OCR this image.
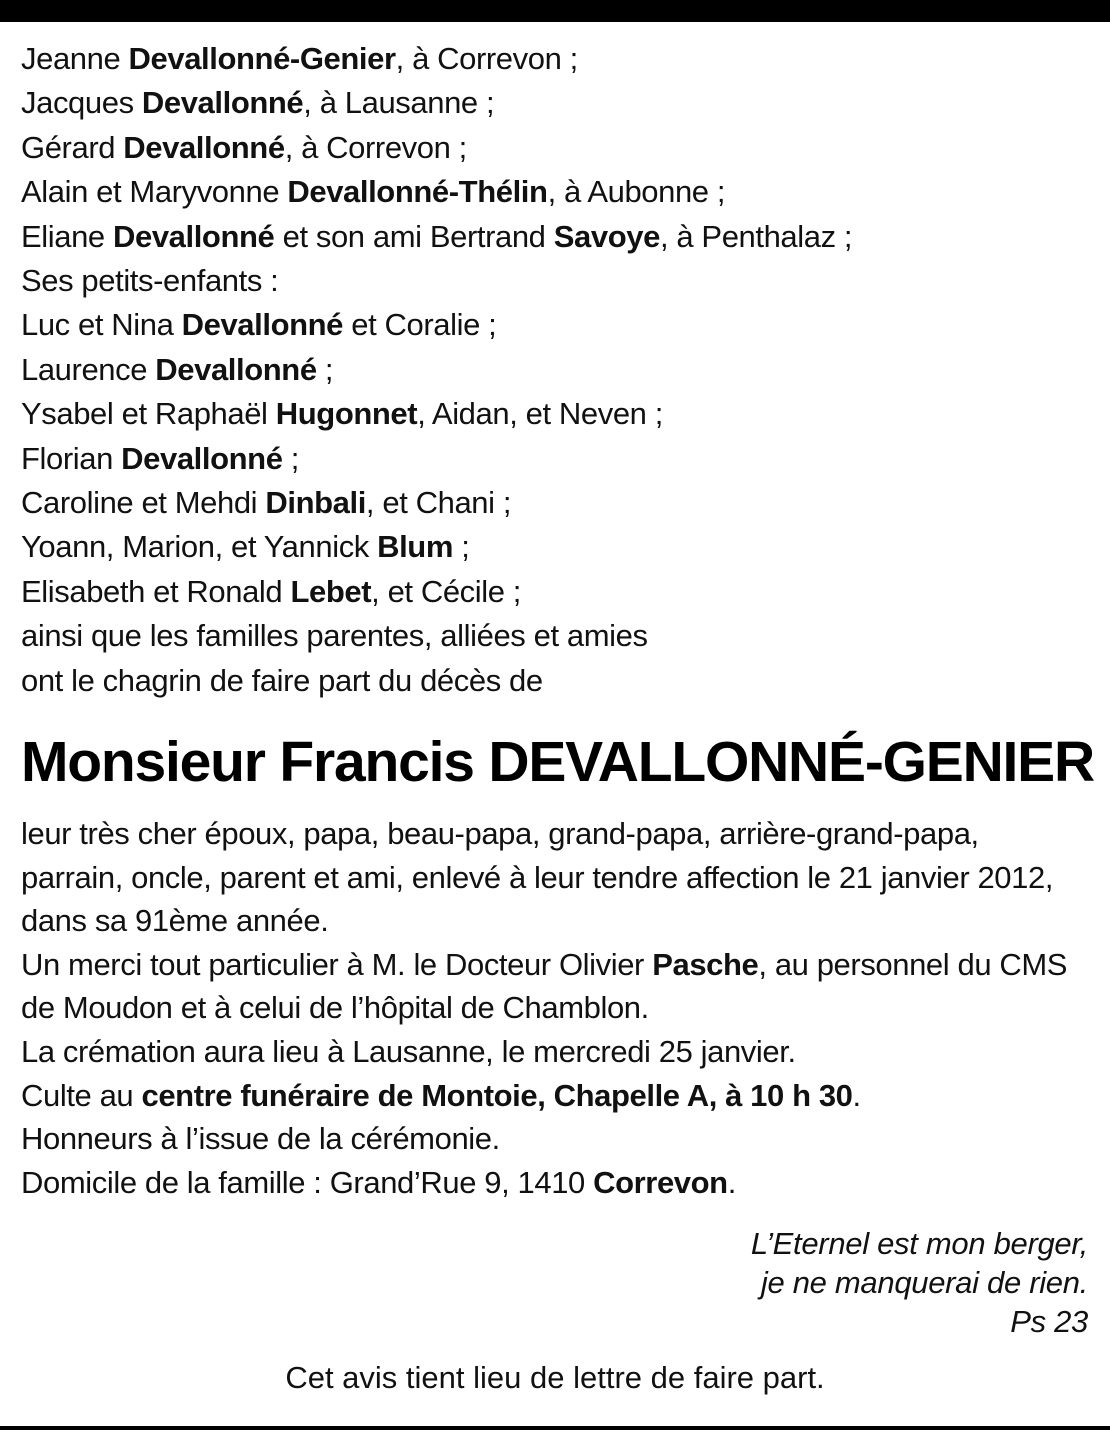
Jeanne Devallonné-Genier, à Correvon ;
Jacques Devallonné, à Lausanne ;
Gérard Devallonné, à Correvon ;
Alain et Maryvonne Devallonné-Thélin, à Aubonne ;
Eliane Devallonné et son ami Bertrand Savoye, à Penthalaz ;
Ses petits-enfants :
Luc et Nina Devallonné et Coralie ;
Laurence Devallonné ;
Ysabel et Raphaël Hugonnet, Aidan, et Neven ;
Florian Devallonné ;
Caroline et Mehdi Dinbali, et Chani ;
Yoann, Marion, et Yannick Blum ;
Elisabeth et Ronald Lebet, et Cécile ;
ainsi que les familles parentes, alliées et amies
ont le chagrin de faire part du décès de
Monsieur Francis DEVALLONNÉ-GENIER

leur très cher époux, papa, beau-papa, grand-papa, arrière-grand-papa, parrain, oncle, parent et ami, enlevé à leur tendre affection le 21 janvier 2012, dans sa 91ème année.

Un merci tout particulier à M. le Docteur Olivier Pasche, au personnel du CMS de Moudon et à celui de l’hôpital de Chamblon.

La crémation aura lieu à Lausanne, le mercredi 25 janvier.

Culte au centre funéraire de Montoie, Chapelle A, à 10 h 30.

Honneurs à l’issue de la cérémonie.

Domicile de la famille : Grand’Rue 9, 1410 Correvon.

L’Eternel est mon berger,
je ne manquerai de rien.
Ps 23
Cet avis tient lieu de lettre de faire part.
